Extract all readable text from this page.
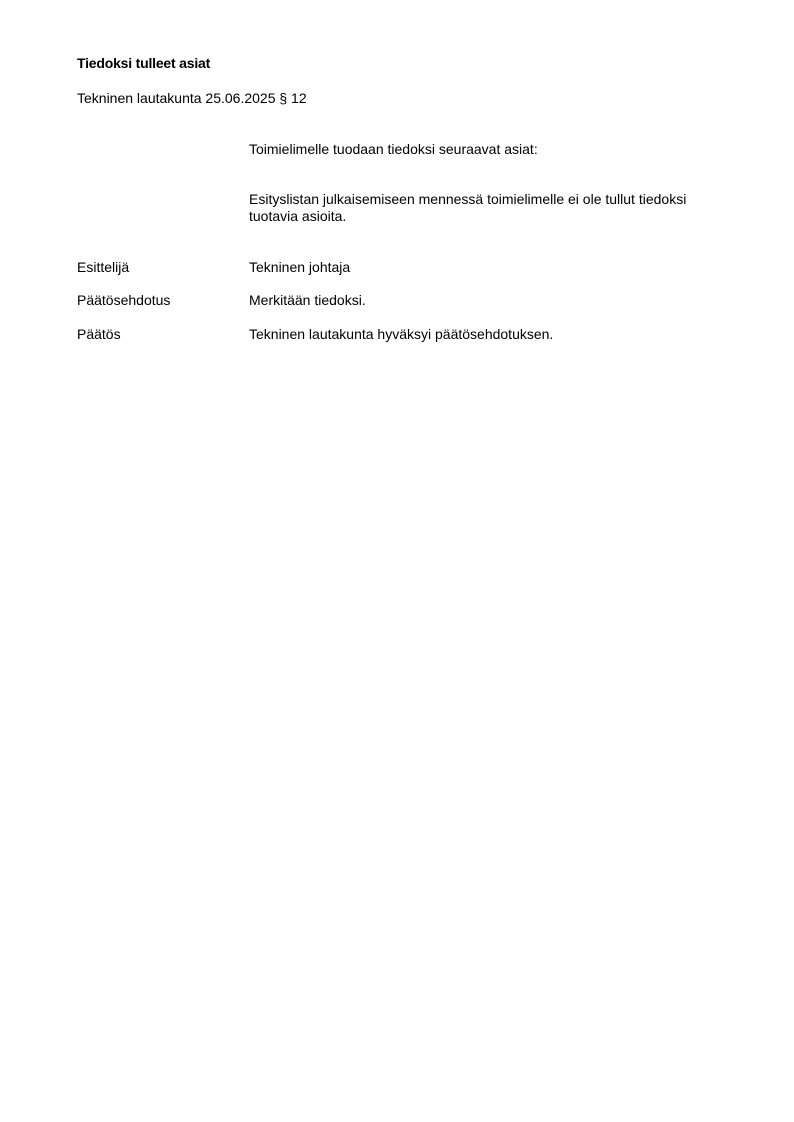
Tiedoksi tulleet asiat
Tekninen lautakunta 25.06.2025 § 12
Toimielimelle tuodaan tiedoksi seuraavat asiat:
Esityslistan julkaisemiseen mennessä toimielimelle ei ole tullut tiedoksi tuotavia asioita.
Esittelijä	Tekninen johtaja
Päätösehdotus	Merkitään tiedoksi.
Päätös	Tekninen lautakunta hyväksyi päätösehdotuksen.
